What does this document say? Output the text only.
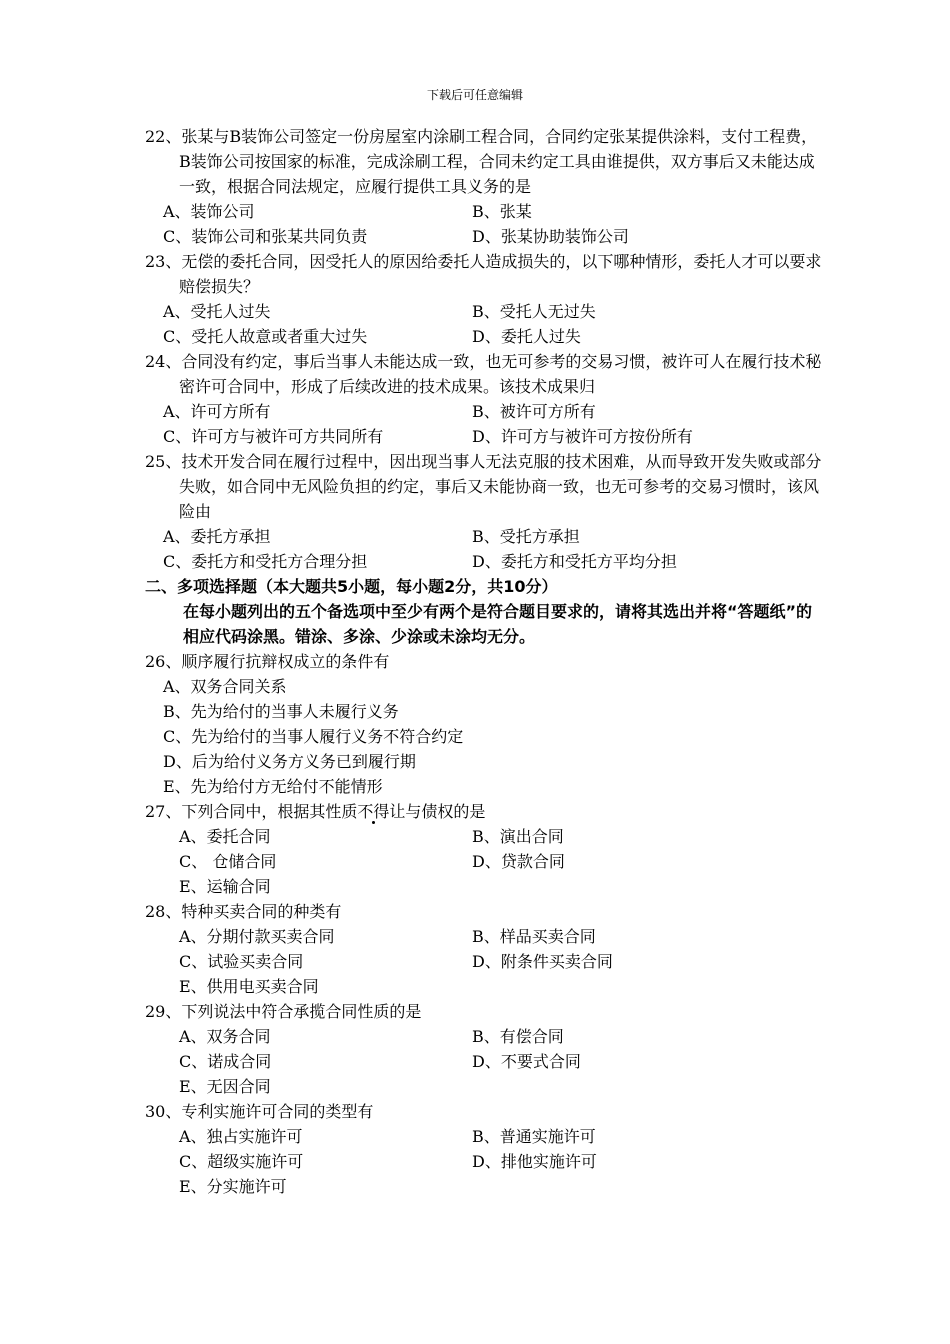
下载后可任意编辑
22、张某与B装饰公司签定一份房屋室内涂刷工程合同，合同约定张某提供涂料，支付工程费，B装饰公司按国家的标准，完成涂刷工程，合同未约定工具由谁提供，双方事后又未能达成一致，根据合同法规定，应履行提供工具义务的是
A、装饰公司	B、张某
C、装饰公司和张某共同负责	D、张某协助装饰公司
23、无偿的委托合同，因受托人的原因给委托人造成损失的，以下哪种情形，委托人才可以要求赔偿损失？
A、受托人过失	B、受托人无过失
C、受托人故意或者重大过失	D、委托人过失
24、合同没有约定，事后当事人未能达成一致，也无可参考的交易习惯，被许可人在履行技术秘密许可合同中，形成了后续改进的技术成果。该技术成果归
A、许可方所有	B、被许可方所有
C、许可方与被许可方共同所有	D、许可方与被许可方按份所有
25、技术开发合同在履行过程中，因出现当事人无法克服的技术困难，从而导致开发失败或部分失败，如合同中无风险负担的约定，事后又未能协商一致，也无可参考的交易习惯时，该风险由
A、委托方承担	B、受托方承担
C、委托方和受托方合理分担	D、委托方和受托方平均分担
二、多项选择题（本大题共5小题，每小题2分，共10分）
在每小题列出的五个备选项中至少有两个是符合题目要求的，请将其选出并将“答题纸”的相应代码涂黑。错涂、多涂、少涂或未涂均无分。
26、顺序履行抗辩权成立的条件有
A、双务合同关系
B、先为给付的当事人未履行义务
C、先为给付的当事人履行义务不符合约定
D、后为给付义务方义务已到履行期
E、先为给付方无给付不能情形
27、下列合同中，根据其性质不得让与债权的是
A、委托合同	B、演出合同
C、 仓储合同	D、贷款合同
E、运输合同
28、特种买卖合同的种类有
A、分期付款买卖合同	B、样品买卖合同
C、试验买卖合同	D、附条件买卖合同
E、供用电买卖合同
29、下列说法中符合承揽合同性质的是
A、双务合同	B、有偿合同
C、诺成合同	D、不要式合同
E、无因合同
30、专利实施许可合同的类型有
A、独占实施许可	B、普通实施许可
C、超级实施许可	D、排他实施许可
E、分实施许可
